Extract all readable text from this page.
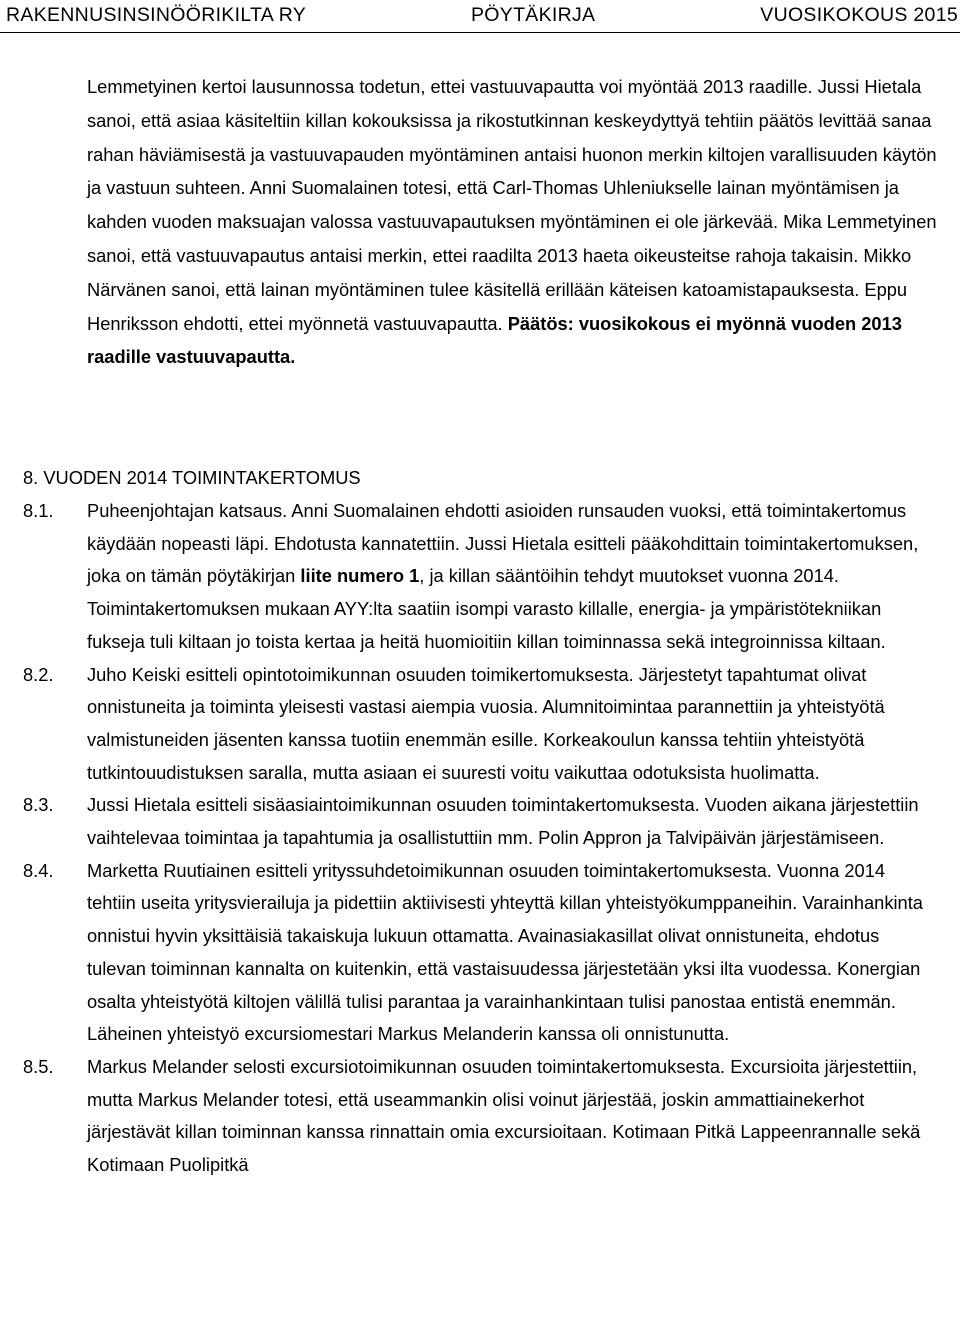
RAKENNUSINSINÖÖRIKILTA RY	PÖYTÄKIRJA	VUOSIKOKOUS 2015

Lemmetyinen kertoi lausunnossa todetun, ettei vastuuvapautta voi myöntää 2013 raadille. Jussi Hietala sanoi, että asiaa käsiteltiin killan kokouksissa ja rikostutkinnan keskeydyttyä tehtiin päätös levittää sanaa rahan häviämisestä ja vastuuvapauden myöntäminen antaisi huonon merkin kiltojen varallisuuden käytön ja vastuun suhteen. Anni Suomalainen totesi, että Carl-Thomas Uhleniukselle lainan myöntämisen ja kahden vuoden maksuajan valossa vastuuvapautuksen myöntäminen ei ole järkevää. Mika Lemmetyinen sanoi, että vastuuvapautus antaisi merkin, ettei raadilta 2013 haeta oikeusteitse rahoja takaisin. Mikko Närvänen sanoi, että lainan myöntäminen tulee käsitellä erillään käteisen katoamistapauksesta. Eppu Henriksson ehdotti, ettei myönnetä vastuuvapautta. Päätös: vuosikokous ei myönnä vuoden 2013 raadille vastuuvapautta.

8. VUODEN 2014 TOIMINTAKERTOMUS
8.1.	Puheenjohtajan katsaus. Anni Suomalainen ehdotti asioiden runsauden vuoksi, että toimintakertomus käydään nopeasti läpi. Ehdotusta kannatettiin. Jussi Hietala esitteli pääkohdittain toimintakertomuksen, joka on tämän pöytäkirjan liite numero 1, ja killan sääntöihin tehdyt muutokset vuonna 2014. Toimintakertomuksen mukaan AYY:lta saatiin isompi varasto killalle, energia- ja ympäristötekniikan fukseja tuli kiltaan jo toista kertaa ja heitä huomioitiin killan toiminnassa sekä integroinnissa kiltaan.
8.2.	Juho Keiski esitteli opintotoimikunnan osuuden toimikertomuksesta. Järjestetyt tapahtumat olivat onnistuneita ja toiminta yleisesti vastasi aiempia vuosia. Alumnitoimintaa parannettiin ja yhteistyötä valmistuneiden jäsenten kanssa tuotiin enemmän esille. Korkeakoulun kanssa tehtiin yhteistyötä tutkintouudistuksen saralla, mutta asiaan ei suuresti voitu vaikuttaa odotuksista huolimatta.
8.3.	Jussi Hietala esitteli sisäasiaintoimikunnan osuuden toimintakertomuksesta. Vuoden aikana järjestettiin vaihtelevaa toimintaa ja tapahtumia ja osallistuttiin mm. Polin Appron ja Talvipäivän järjestämiseen.
8.4.	Marketta Ruutiainen esitteli yrityssuhdetoimikunnan osuuden toimintakertomuksesta. Vuonna 2014 tehtiin useita yritysvierailuja ja pidettiin aktiivisesti yhteyttä killan yhteistyökumppaneihin. Varainhankinta onnistui hyvin yksittäisiä takaiskuja lukuun ottamatta. Avainasiakasillat olivat onnistuneita, ehdotus tulevan toiminnan kannalta on kuitenkin, että vastaisuudessa järjestetään yksi ilta vuodessa. Konergian osalta yhteistyötä kiltojen välillä tulisi parantaa ja varainhankintaan tulisi panostaa entistä enemmän. Läheinen yhteistyö excursiomestari Markus Melanderin kanssa oli onnistunutta.
8.5.	Markus Melander selosti excursiotoimikunnan osuuden toimintakertomuksesta. Excursioita järjestettiin, mutta Markus Melander totesi, että useammankin olisi voinut järjestää, joskin ammattiainekerhot järjestävät killan toiminnan kanssa rinnattain omia excursioitaan. Kotimaan Pitkä Lappeenrannalle sekä Kotimaan Puolipitkä
